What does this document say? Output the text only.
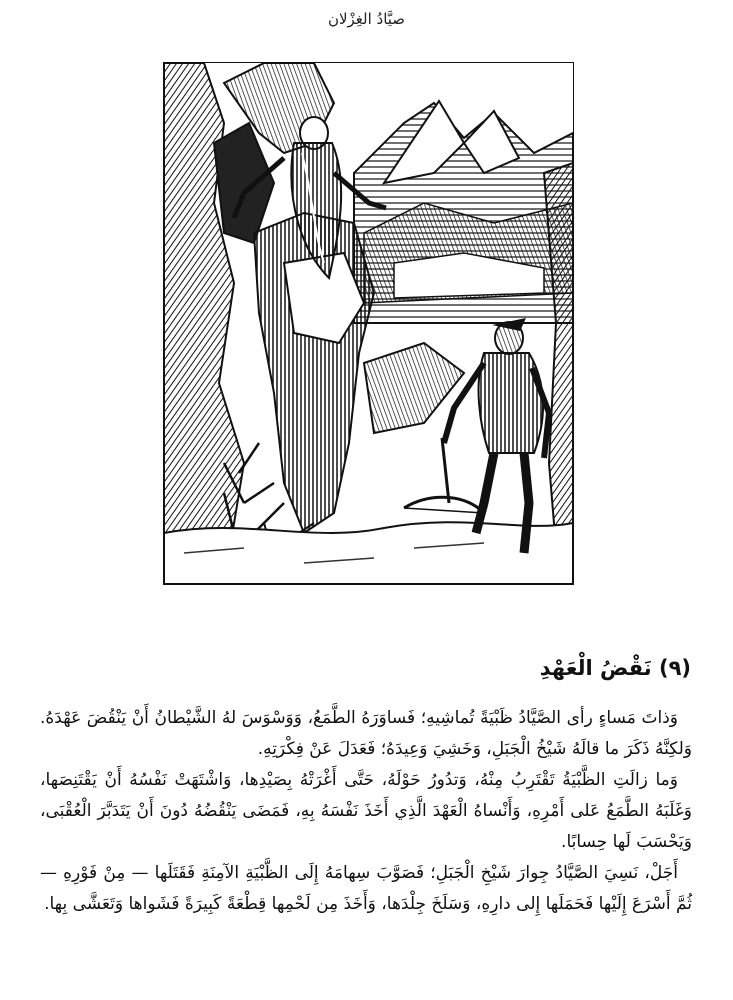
صيَّادُ الغِزْلان
(٩) نَقْضُ الْعَهْدِ

وَذاتَ مَساءٍ رأى الصَّيَّادُ ظَبْيَةً تُماشِيهِ؛ فَساوَرَهُ الطَّمَعُ، وَوَسْوَسَ لهُ الشَّيْطانُ أَنْ يَنْقُضَ عَهْدَهُ. وَلكِنَّهُ ذَكَرَ ما قالَهُ شَيْخُ الْجَبَلِ، وَخَشِيَ وَعِيدَهُ؛ فَعَدَلَ عَنْ فِكْرَتِهِ.

وَما زالَتِ الظَّبْيَةُ تَقْتَرِبُ مِنْهُ، وَتدُورُ حَوْلَهُ، حَتَّى أَغْرَتْهُ بِصَيْدِها، وَاشْتَهَتْ نَفْسُهُ أَنْ يَقْتَنِصَها، وَغَلَبَهُ الطَّمَعُ عَلى أَمْرِهِ، وَأَنْساهُ الْعَهْدَ الَّذِي أَخَذَ نَفْسَهُ بِهِ، فَمَضَى يَنْقُضُهُ دُونَ أَنْ يَتَدَبَّرَ الْعُقْبَى، وَيَحْسَبَ لَها حِسابًا.

أَجَلْ، نَسِيَ الصَّيَّادُ جِوارَ شَيْخِ الْجَبَلِ؛ فَصَوَّبَ سِهامَهُ إِلَى الظَّبْيَةِ الآمِنَةِ فَقَتَلَها — مِنْ فَوْرِهِ — ثُمَّ أَسْرَعَ إِلَيْها فَحَمَلَها إِلى دارِهِ، وَسَلَخَ جِلْدَها، وَأَخَذَ مِن لَحْمِها قِطْعَةً كَبِيرَةً فَشَواها وَتَعَشَّى بِها.
